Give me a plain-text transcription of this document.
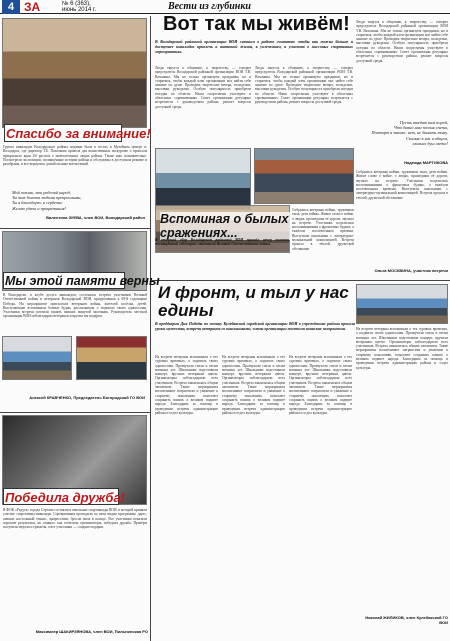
4 ЗА	№ 6 (363), июнь 2014 г.	Вести из глубинки
Спасибо за внимание!
Группа инвалидов Володарского района недавно была в гостях в Музейном центре п. Володарск, где директор Т.Б. Пахолкова провела для воинственных экскурсию о прошлом прекрасного края. Её рассказ о замечательных людях района. Также наш познавательно. Посмотрели экспозиции, посвящённые истории района и обслужены в доступном режиме и разобраны, и все вернулись домой полные впечатлений.
Мой земляк, мои рабочий народ,
Ты так богата людьми прекрасными,
Ты я благодарю, и сердечно
Желаю удачи и процветания!
Валентина ЗУЕВА, член ВОИ, Володарский район
Мы этой памяти верны
В Володарске, в клубе досуга инвалидов, состоялась встреча участников Великой Отечественной войны и ветеранов Володарской ВОИ, приуроченная к 69-й годовщине Победы. На мероприятие пригласили ветеранов войны, жителей посёлка, детей. Выступающие вспоминали боевые будни, рассказывали о подвигах своих однополчан. Участники встречи почтили память павших минутой молчания. Руководитель местной организации ВОИ поблагодарил ветеранов и вручил им подарки.
Алексей КРАВЧЕНКО, Председатель Богородской ГО ВОИ
Победила дружба!
В ФОК «Радуга» города Сергачи состоялись школьные спартакиады ВОИ, в которой приняли участие спортсмены-инвалиды. Соревнования проходили по пяти видам программы: дартс, шашки, настольный теннис, армрестлинг, бросок мяча в кольцо. Все участники показали хорошие результаты, но главное, как отметили организаторы, победила дружба. Призёры получили медали и грамоты, а все участники — сладкие подарки.
Максимлер ШАКИРЗЯНОВА, член ВОИ, Пильнинская РО
Вот так мы живём!
В Володарской районной организации ВОИ главным в работе считают: чтобы как можно больше и доступнее инвалидов привлечь к активной жизни, к увлечениям, к участию в массовых спортивных мероприятиях.
Люди тянутся к общению, к творчеству, — говорит председатель Володарской районной организации ВОИ Т.В. Вахонина. Мы не только организуем праздники, но и стараемся, чтобы каждый член организации мог найти себе занятие по душе. Проводим творческие вечера, посиделки, выставки рукоделия. Особую популярность приобрели поездки по области. Наши спортсмены участвуют в областных соревнованиях. Совет организации регулярно встречается с руководством района, решает вопросы доступной среды.
Люди тянутся к общению, к творчеству, — говорит председатель Володарской районной организации ВОИ Т.В. Вахонина. Мы не только организуем праздники, но и стараемся, чтобы каждый член организации мог найти себе занятие по душе. Проводим творческие вечера, посиделки, выставки рукоделия. Особую популярность приобрели поездки по области. Наши спортсмены участвуют в областных соревнованиях. Совет организации регулярно встречается с руководством района, решает вопросы доступной среды.
Люди тянутся к общению, к творчеству, — говорит председатель Володарской районной организации ВОИ Т.В. Вахонина. Мы не только организуем праздники, но и стараемся, чтобы каждый член организации мог найти себе занятие по душе. Проводим творческие вечера, посиделки, выставки рукоделия. Особую популярность приобрели поездки по области. Наши спортсмены участвуют в областных соревнованиях. Совет организации регулярно встречается с руководством района, решает вопросы доступной среды.
Пусть тведят нам порой,
Что давно нам поэзия спета,
Повторю я заново: нет, не бывать тому.
Сколько в нас в общем,
сколько душ света!
Надежда МАРТИКОВА
Вспоминая о былых сражениях...
В вечерний сбор Володарской районной ВОИ прошёл вечер памяти, посвящённый годовщине окончания Великой Отечественной войны.
Собрались ветераны войны, труженики тыла, дети войны. Живое слово о войне, о людях, прошедших её дороги, звучало на встрече. Участники поделились воспоминаниями о фронтовых буднях, о тяжёлом послевоенном времени. Выступили школьники с литературно-музыкальной композицией. Встреча прошла в тёплой, дружеской обстановке.
Собрались ветераны войны, труженики тыла, дети войны. Живое слово о войне, о людях, прошедших её дороги, звучало на встрече. Участники поделились воспоминаниями о фронтовых буднях, о тяжёлом послевоенном времени. Выступили школьники с литературно-музыкальной композицией. Встреча прошла в тёплой, дружеской обстановке.
Ольга МОСКВИНА, участник встречи
И фронт, и тыл у нас едины
В преддверии Дня Победы по почину Кулебакской городской организации ВОИ в учреждениях района прошли уроки мужества, встречи ветеранов со школьниками, члены организации посетили воинские захоронения.
На встрече ветераны вспоминали о тех суровых временах, о подвигах своих однополчан. Прозвучали стихи и песни военных лет. Школьники подготовили концерт, вручили ветеранам цветы. Организаторы поблагодарили всех участников. Встреча закончилась общим чаепитием. Такие мероприятия воспитывают патриотизм и уважение к старшему поколению, помогают сохранить память о великом подвиге народа. Благодарим за помощь в проведении встречи администрацию района и отдел культуры.
На встрече ветераны вспоминали о тех суровых временах, о подвигах своих однополчан. Прозвучали стихи и песни военных лет. Школьники подготовили концерт, вручили ветеранам цветы. Организаторы поблагодарили всех участников. Встреча закончилась общим чаепитием. Такие мероприятия воспитывают патриотизм и уважение к старшему поколению, помогают сохранить память о великом подвиге народа. Благодарим за помощь в проведении встречи администрацию района и отдел культуры.
На встрече ветераны вспоминали о тех суровых временах, о подвигах своих однополчан. Прозвучали стихи и песни военных лет. Школьники подготовили концерт, вручили ветеранам цветы. Организаторы поблагодарили всех участников. Встреча закончилась общим чаепитием. Такие мероприятия воспитывают патриотизм и уважение к старшему поколению, помогают сохранить память о великом подвиге народа. Благодарим за помощь в проведении встречи администрацию района и отдел культуры.
На встрече ветераны вспоминали о тех суровых временах, о подвигах своих однополчан. Прозвучали стихи и песни военных лет. Школьники подготовили концерт, вручили ветеранам цветы. Организаторы поблагодарили всех участников. Встреча закончилась общим чаепитием. Такие мероприятия воспитывают патриотизм и уважение к старшему поколению, помогают сохранить память о великом подвиге народа. Благодарим за помощь в проведении встречи администрацию района и отдел культуры.
Николай ЖИЛИКОВ, член Кулебакской ГО ВОИ
